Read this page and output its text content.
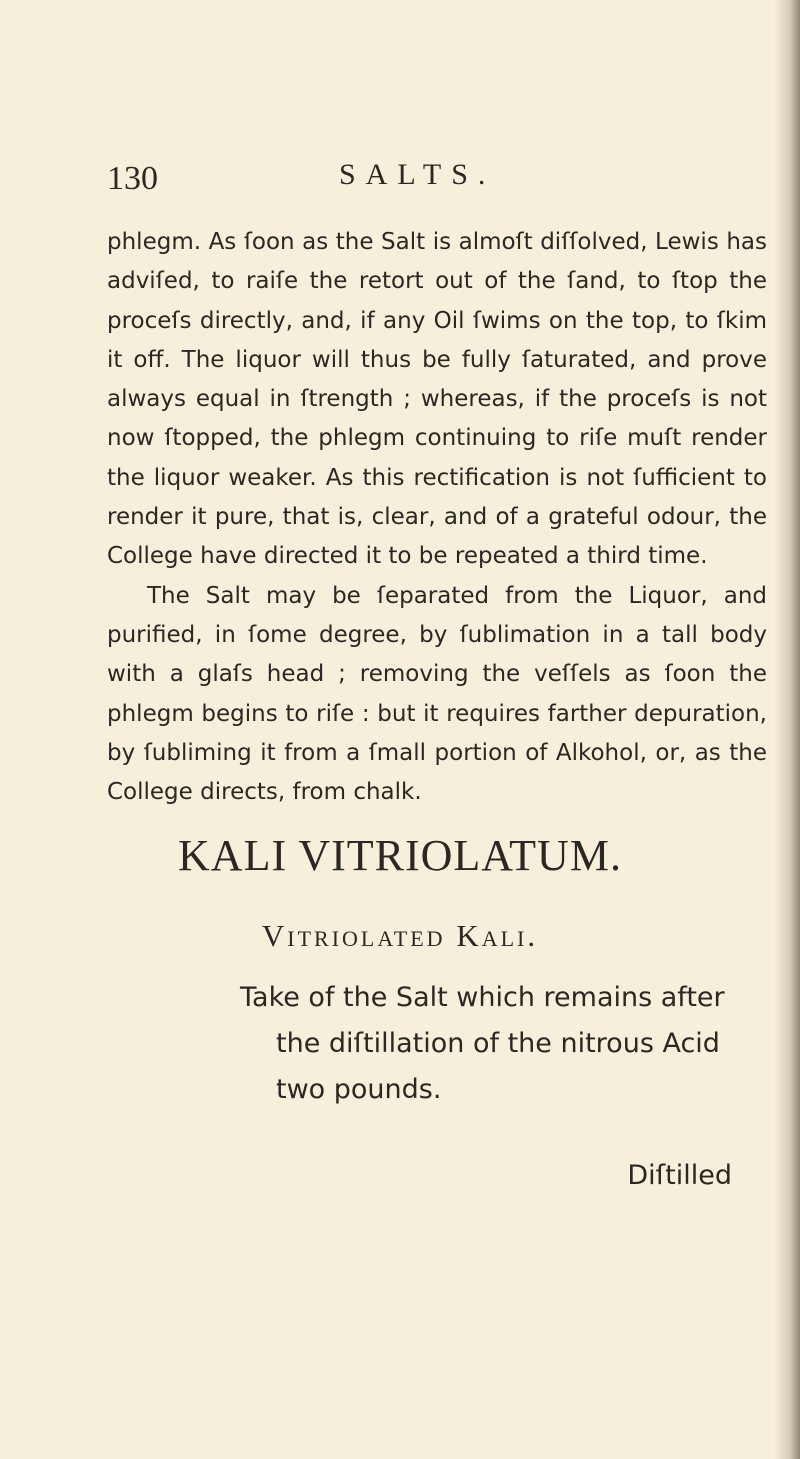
130	SALTS.

phlegm. As ſoon as the Salt is almoſt diſſolved, Lewis has adviſed, to raiſe the retort out of the ſand, to ſtop the proceſs directly, and, if any Oil ſwims on the top, to ſkim it off. The liquor will thus be fully ſaturated, and prove always equal in ſtrength ; whereas, if the proceſs is not now ſtopped, the phlegm continuing to riſe muſt render the liquor weaker. As this rectification is not ſufficient to render it pure, that is, clear, and of a grateful odour, the College have directed it to be repeated a third time.

The Salt may be ſeparated from the Liquor, and purified, in ſome degree, by ſublimation in a tall body with a glaſs head ; removing the veſſels as ſoon the phlegm begins to riſe : but it requires farther depuration, by ſubliming it from a ſmall portion of Alkohol, or, as the College directs, from chalk.

KALI VITRIOLATUM.
Vitriolated Kali.

Take of the Salt which remains after the diſtillation of the nitrous Acid two pounds.

Diſtilled
